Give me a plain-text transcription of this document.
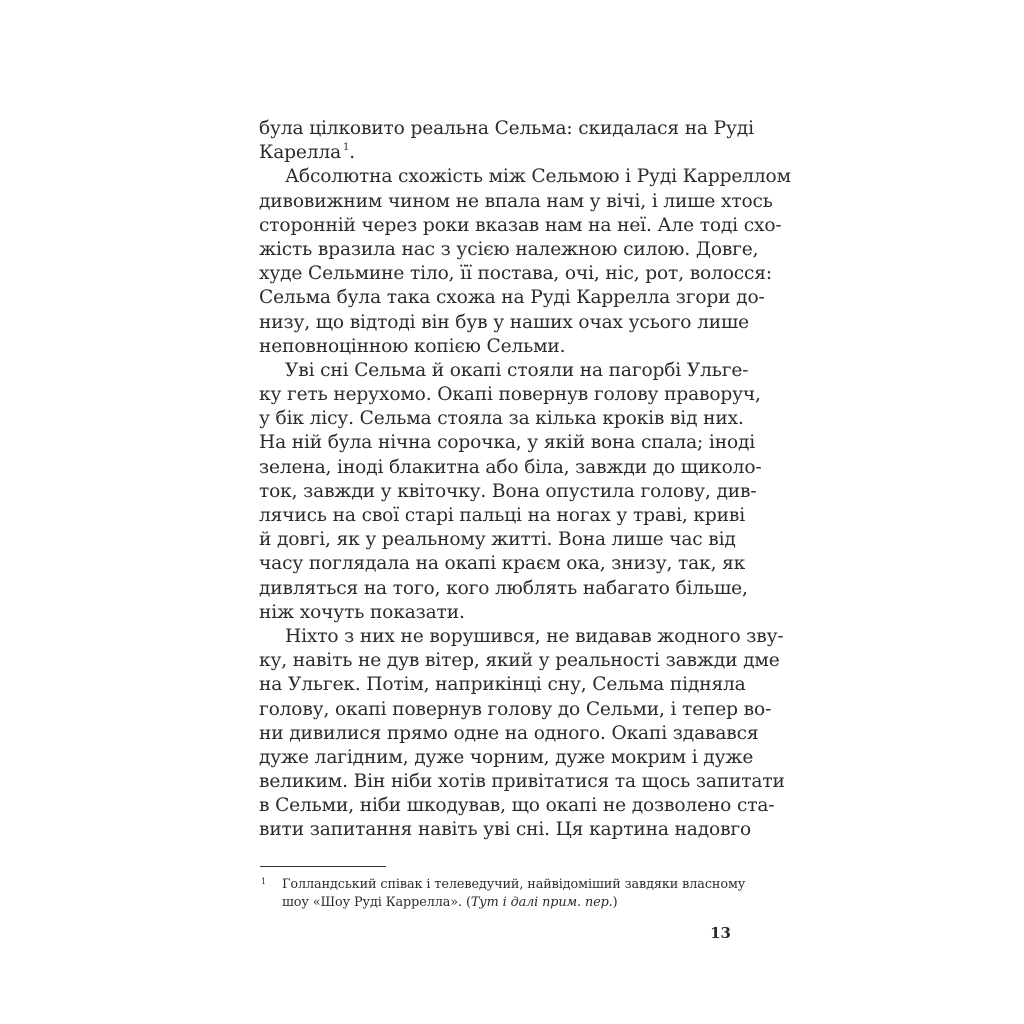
була цілковито реальна Сельма: скидалася на Руді
Карелла $^1$.
Абсолютна схожість між Сельмою і Руді Карреллом
дивовижним чином не впала нам у вічі, і лише хтось
сторонній через роки вказав нам на неї. Але тоді схо-
жість вразила нас з усією належною силою. Довге,
худе Сельмине тіло, її постава, очі, ніс, рот, волосся:
Сельма була така схожа на Руді Каррелла згори до-
низу, що відтоді він був у наших очах усього лише
неповноцінною копією Сельми.
Уві сні Сельма й окапі стояли на пагорбі Ульге-
ку геть нерухомо. Окапі повернув голову праворуч,
у бік лісу. Сельма стояла за кілька кроків від них.
На ній була нічна сорочка, у якій вона спала; іноді
зелена, іноді блакитна або біла, завжди до щиколо-
ток, завжди у квіточку. Вона опустила голову, див-
лячись на свої старі пальці на ногах у траві, криві
й довгі, як у реальному житті. Вона лише час від
часу поглядала на окапі краєм ока, знизу, так, як
дивляться на того, кого люблять набагато більше,
ніж хочуть показати.
Ніхто з них не ворушився, не видавав жодного зву-
ку, навіть не дув вітер, який у реальності завжди дме
на Ульгек. Потім, наприкінці сну, Сельма підняла
голову, окапі повернув голову до Сельми, і тепер во-
ни дивилися прямо одне на одного. Окапі здавався
дуже лагідним, дуже чорним, дуже мокрим і дуже
великим. Він ніби хотів привітатися та щось запитати
в Сельми, ніби шкодував, що окапі не дозволено ста-
вити запитання навіть уві сні. Ця картина надовго
1 Голландський співак і телеведучий, найвідоміший завдяки власному
шоу «Шоу Руді Каррелла». (Тут і далі прим. пер.)
13
